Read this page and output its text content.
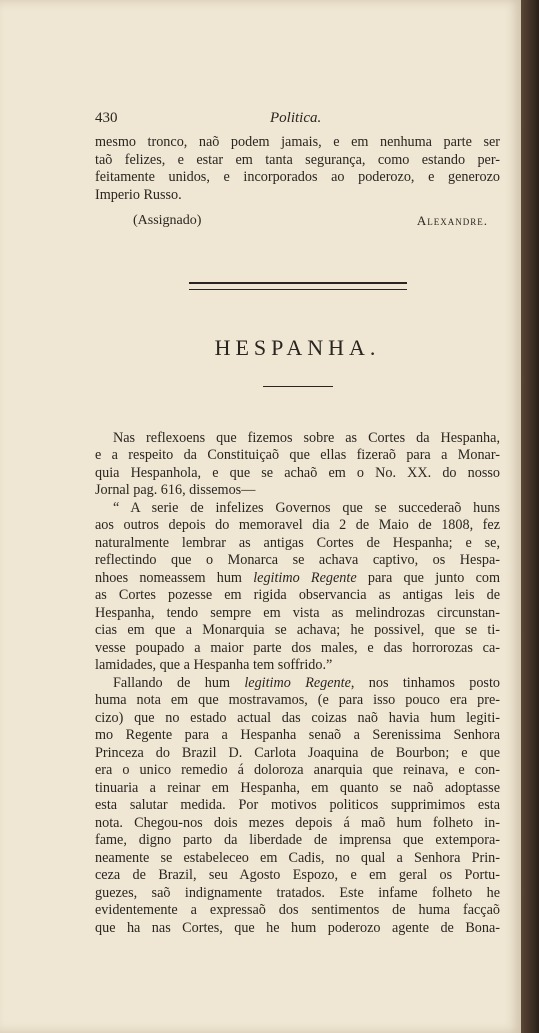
430	Politica.
mesmo tronco, naõ podem jamais, e em nenhuma parte ser
taõ felizes, e estar em tanta segurança, como estando per-
feitamente unidos, e incorporados ao poderozo, e generozo
Imperio Russo.
(Assignado)	Alexandre.
HESPANHA.
Nas reflexoens que fizemos sobre as Cortes da Hespanha,
e a respeito da Constituiçaõ que ellas fizeraõ para a Monar-
quia Hespanhola, e que se achaõ em o No. XX. do nosso
Jornal pag. 616, dissemos—
“ A serie de infelizes Governos que se succederaõ huns
aos outros depois do memoravel dia 2 de Maio de 1808, fez
naturalmente lembrar as antigas Cortes de Hespanha; e se,
reflectindo que o Monarca se achava captivo, os Hespa-
nhoes nomeassem hum legitimo Regente para que junto com
as Cortes pozesse em rigida observancia as antigas leis de
Hespanha, tendo sempre em vista as melindrozas circunstan-
cias em que a Monarquia se achava; he possivel, que se ti-
vesse poupado a maior parte dos males, e das horrorozas ca-
lamidades, que a Hespanha tem soffrido.”
Fallando de hum legitimo Regente, nos tinhamos posto
huma nota em que mostravamos, (e para isso pouco era pre-
cizo) que no estado actual das coizas naõ havia hum legiti-
mo Regente para a Hespanha senaõ a Serenissima Senhora
Princeza do Brazil D. Carlota Joaquina de Bourbon; e que
era o unico remedio á doloroza anarquia que reinava, e con-
tinuaria a reinar em Hespanha, em quanto se naõ adoptasse
esta salutar medida. Por motivos politicos supprimimos esta
nota. Chegou-nos dois mezes depois á maõ hum folheto in-
fame, digno parto da liberdade de imprensa que extempora-
neamente se estabeleceo em Cadis, no qual a Senhora Prin-
ceza de Brazil, seu Agosto Espozo, e em geral os Portu-
guezes, saõ indignamente tratados. Este infame folheto he
evidentemente a expressaõ dos sentimentos de huma facçaõ
que ha nas Cortes, que he hum poderozo agente de Bona-
